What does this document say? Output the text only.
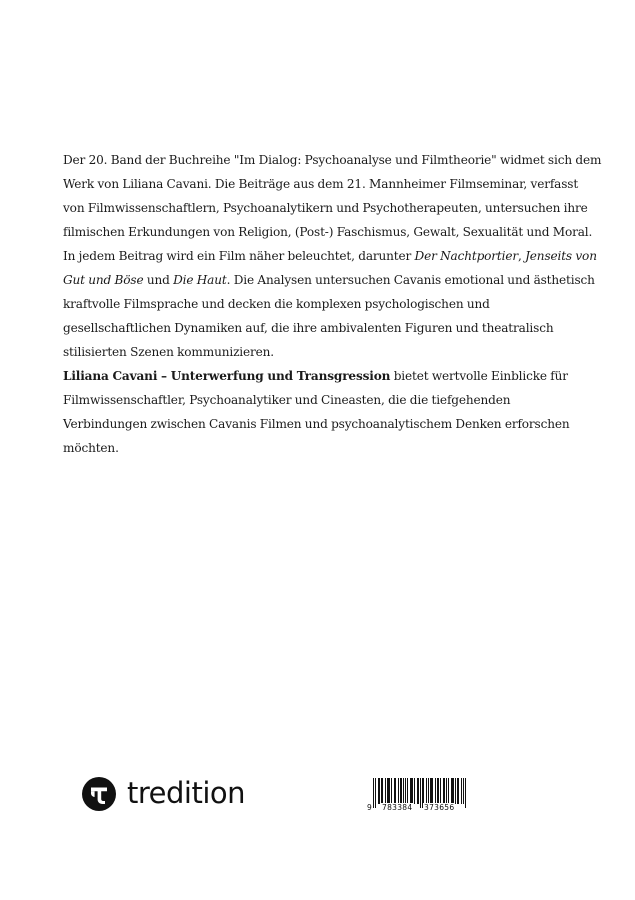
Der 20. Band der Buchreihe "Im Dialog: Psychoanalyse und Filmtheorie" widmet sich dem
Werk von Liliana Cavani. Die Beiträge aus dem 21. Mannheimer Filmseminar, verfasst
von Filmwissenschaftlern, Psychoanalytikern und Psychotherapeuten, untersuchen ihre
filmischen Erkundungen von Religion, (Post-) Faschismus, Gewalt, Sexualität und Moral.
In jedem Beitrag wird ein Film näher beleuchtet, darunter Der Nachtportier, Jenseits von
Gut und Böse und Die Haut. Die Analysen untersuchen Cavanis emotional und ästhetisch
kraftvolle Filmsprache und decken die komplexen psychologischen und
gesellschaftlichen Dynamiken auf, die ihre ambivalenten Figuren und theatralisch
stilisierten Szenen kommunizieren.

Liliana Cavani – Unterwerfung und Transgression bietet wertvolle Einblicke für
Filmwissenschaftler, Psychoanalytiker und Cineasten, die die tiefgehenden
Verbindungen zwischen Cavanis Filmen und psychoanalytischem Denken erforschen
möchten.

tredition	9 783384 373656
